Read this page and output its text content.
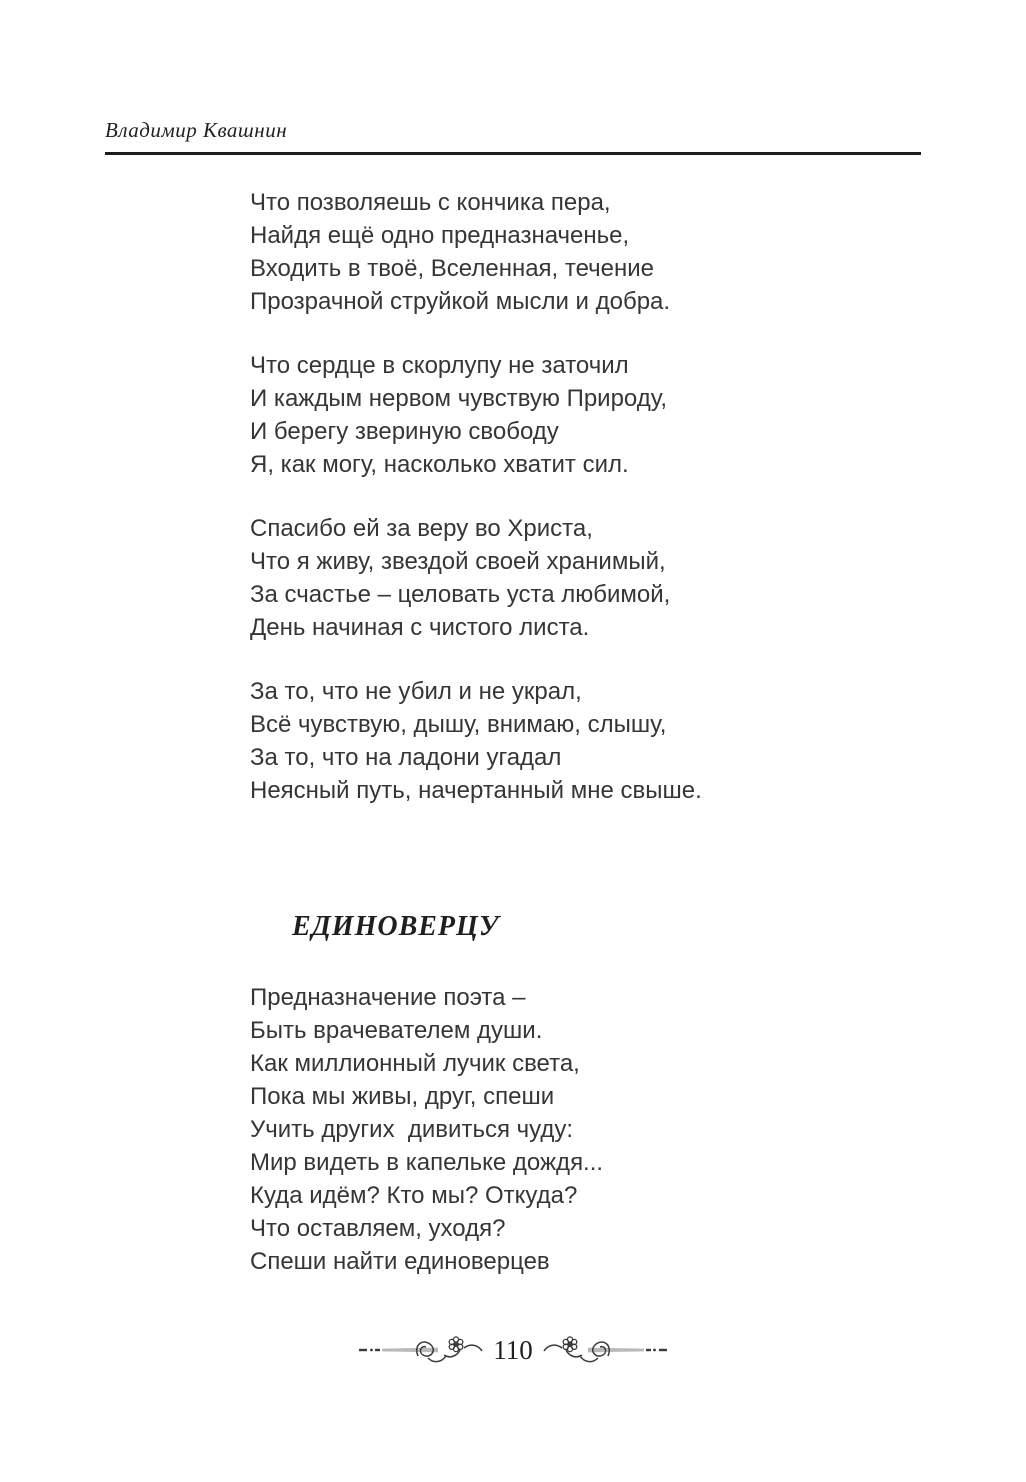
Владимир Квашнин
Что позволяешь с кончика пера,
Найдя ещё одно предназначенье,
Входить в твоё, Вселенная, течение
Прозрачной струйкой мысли и добра.
Что сердце в скорлупу не заточил
И каждым нервом чувствую Природу,
И берегу звериную свободу
Я, как могу, насколько хватит сил.
Спасибо ей за веру во Христа,
Что я живу, звездой своей хранимый,
За счастье – целовать уста любимой,
День начиная с чистого листа.
За то, что не убил и не украл,
Всё чувствую, дышу, внимаю, слышу,
За то, что на ладони угадал
Неясный путь, начертанный мне свыше.
ЕДИНОВЕРЦУ
Предназначение поэта –
Быть врачевателем души.
Как миллионный лучик света,
Пока мы живы, друг, спеши
Учить других  дивиться чуду:
Мир видеть в капельке дождя...
Куда идём? Кто мы? Откуда?
Что оставляем, уходя?
Спеши найти единоверцев
110
